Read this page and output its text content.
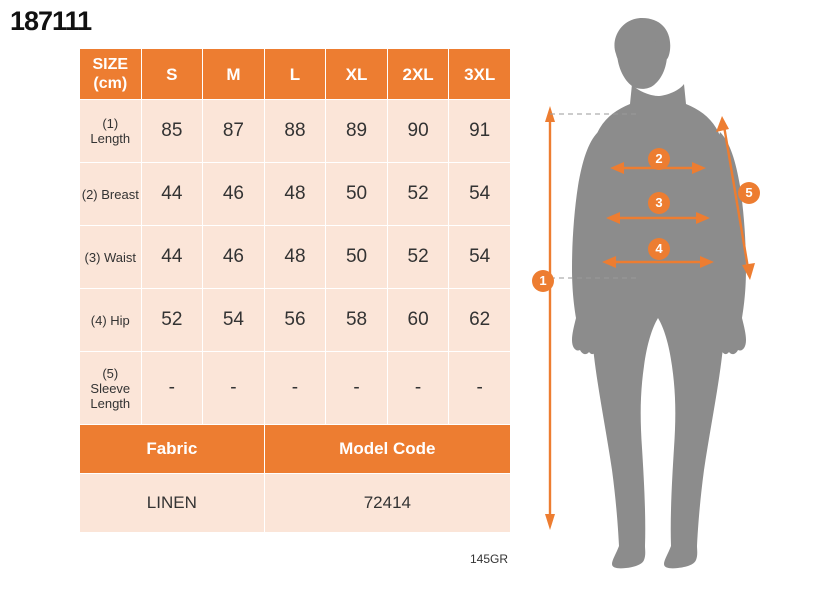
187111
SIZE
(cm)	S	M	L	XL	2XL	3XL
(1)
Length	85	87	88	89	90	91
(2) Breast	44	46	48	50	52	54
(3) Waist	44	46	48	50	52	54
(4) Hip	52	54	56	58	60	62
(5)
Sleeve
Length	-	-	-	-	-	-
Fabric			Model Code			
LINEN			72414			
145GR
1
2
3
4
5
